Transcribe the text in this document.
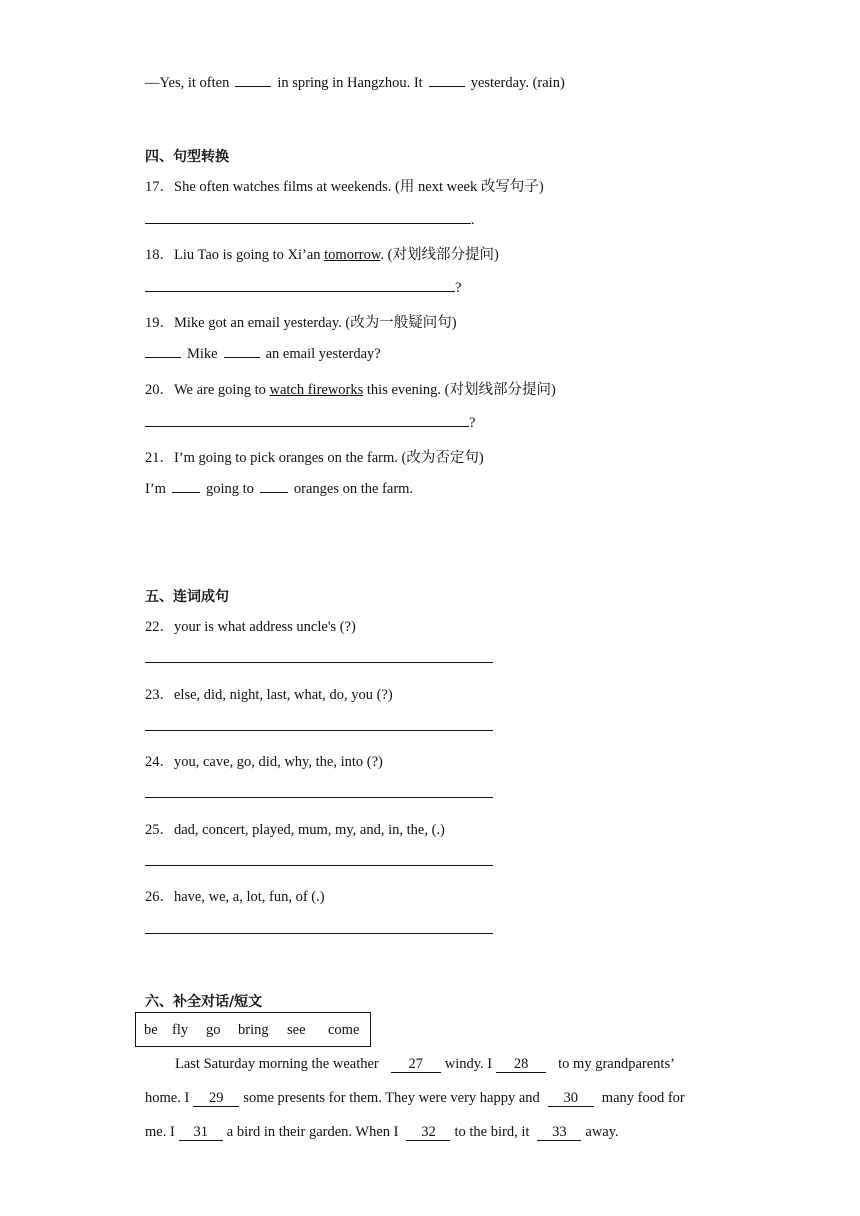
—Yes, it often	in spring in Hangzhou. It	yesterday. (rain)
四、句型转换
17．She often watches films at weekends. (用 next week 改写句子)
.
18．Liu Tao is going to Xi’an tomorrow. (对划线部分提问)
?
19．Mike got an email yesterday. (改为一般疑问句)
Mike	an email yesterday?
20．We are going to watch fireworks this evening. (对划线部分提问)
?
21．I’m going to pick oranges on the farm. (改为否定句)
I’m	going to	oranges on the farm.
五、连词成句
22．your is what address uncle's (?)
23．else, did, night, last, what, do, you (?)
24．you, cave, go, did, why, the, into (?)
25．dad, concert, played, mum, my, and, in, the, (.)
26．have, we, a, lot, fun, of (.)
六、补全对话/短文
be fly go bring see come
Last Saturday morning the weather 27 windy. I 28 to my grandparents’
home. I 29 some presents for them. They were very happy and 30 many food for
me. I 31 a bird in their garden. When I 32 to the bird, it 33 away.
